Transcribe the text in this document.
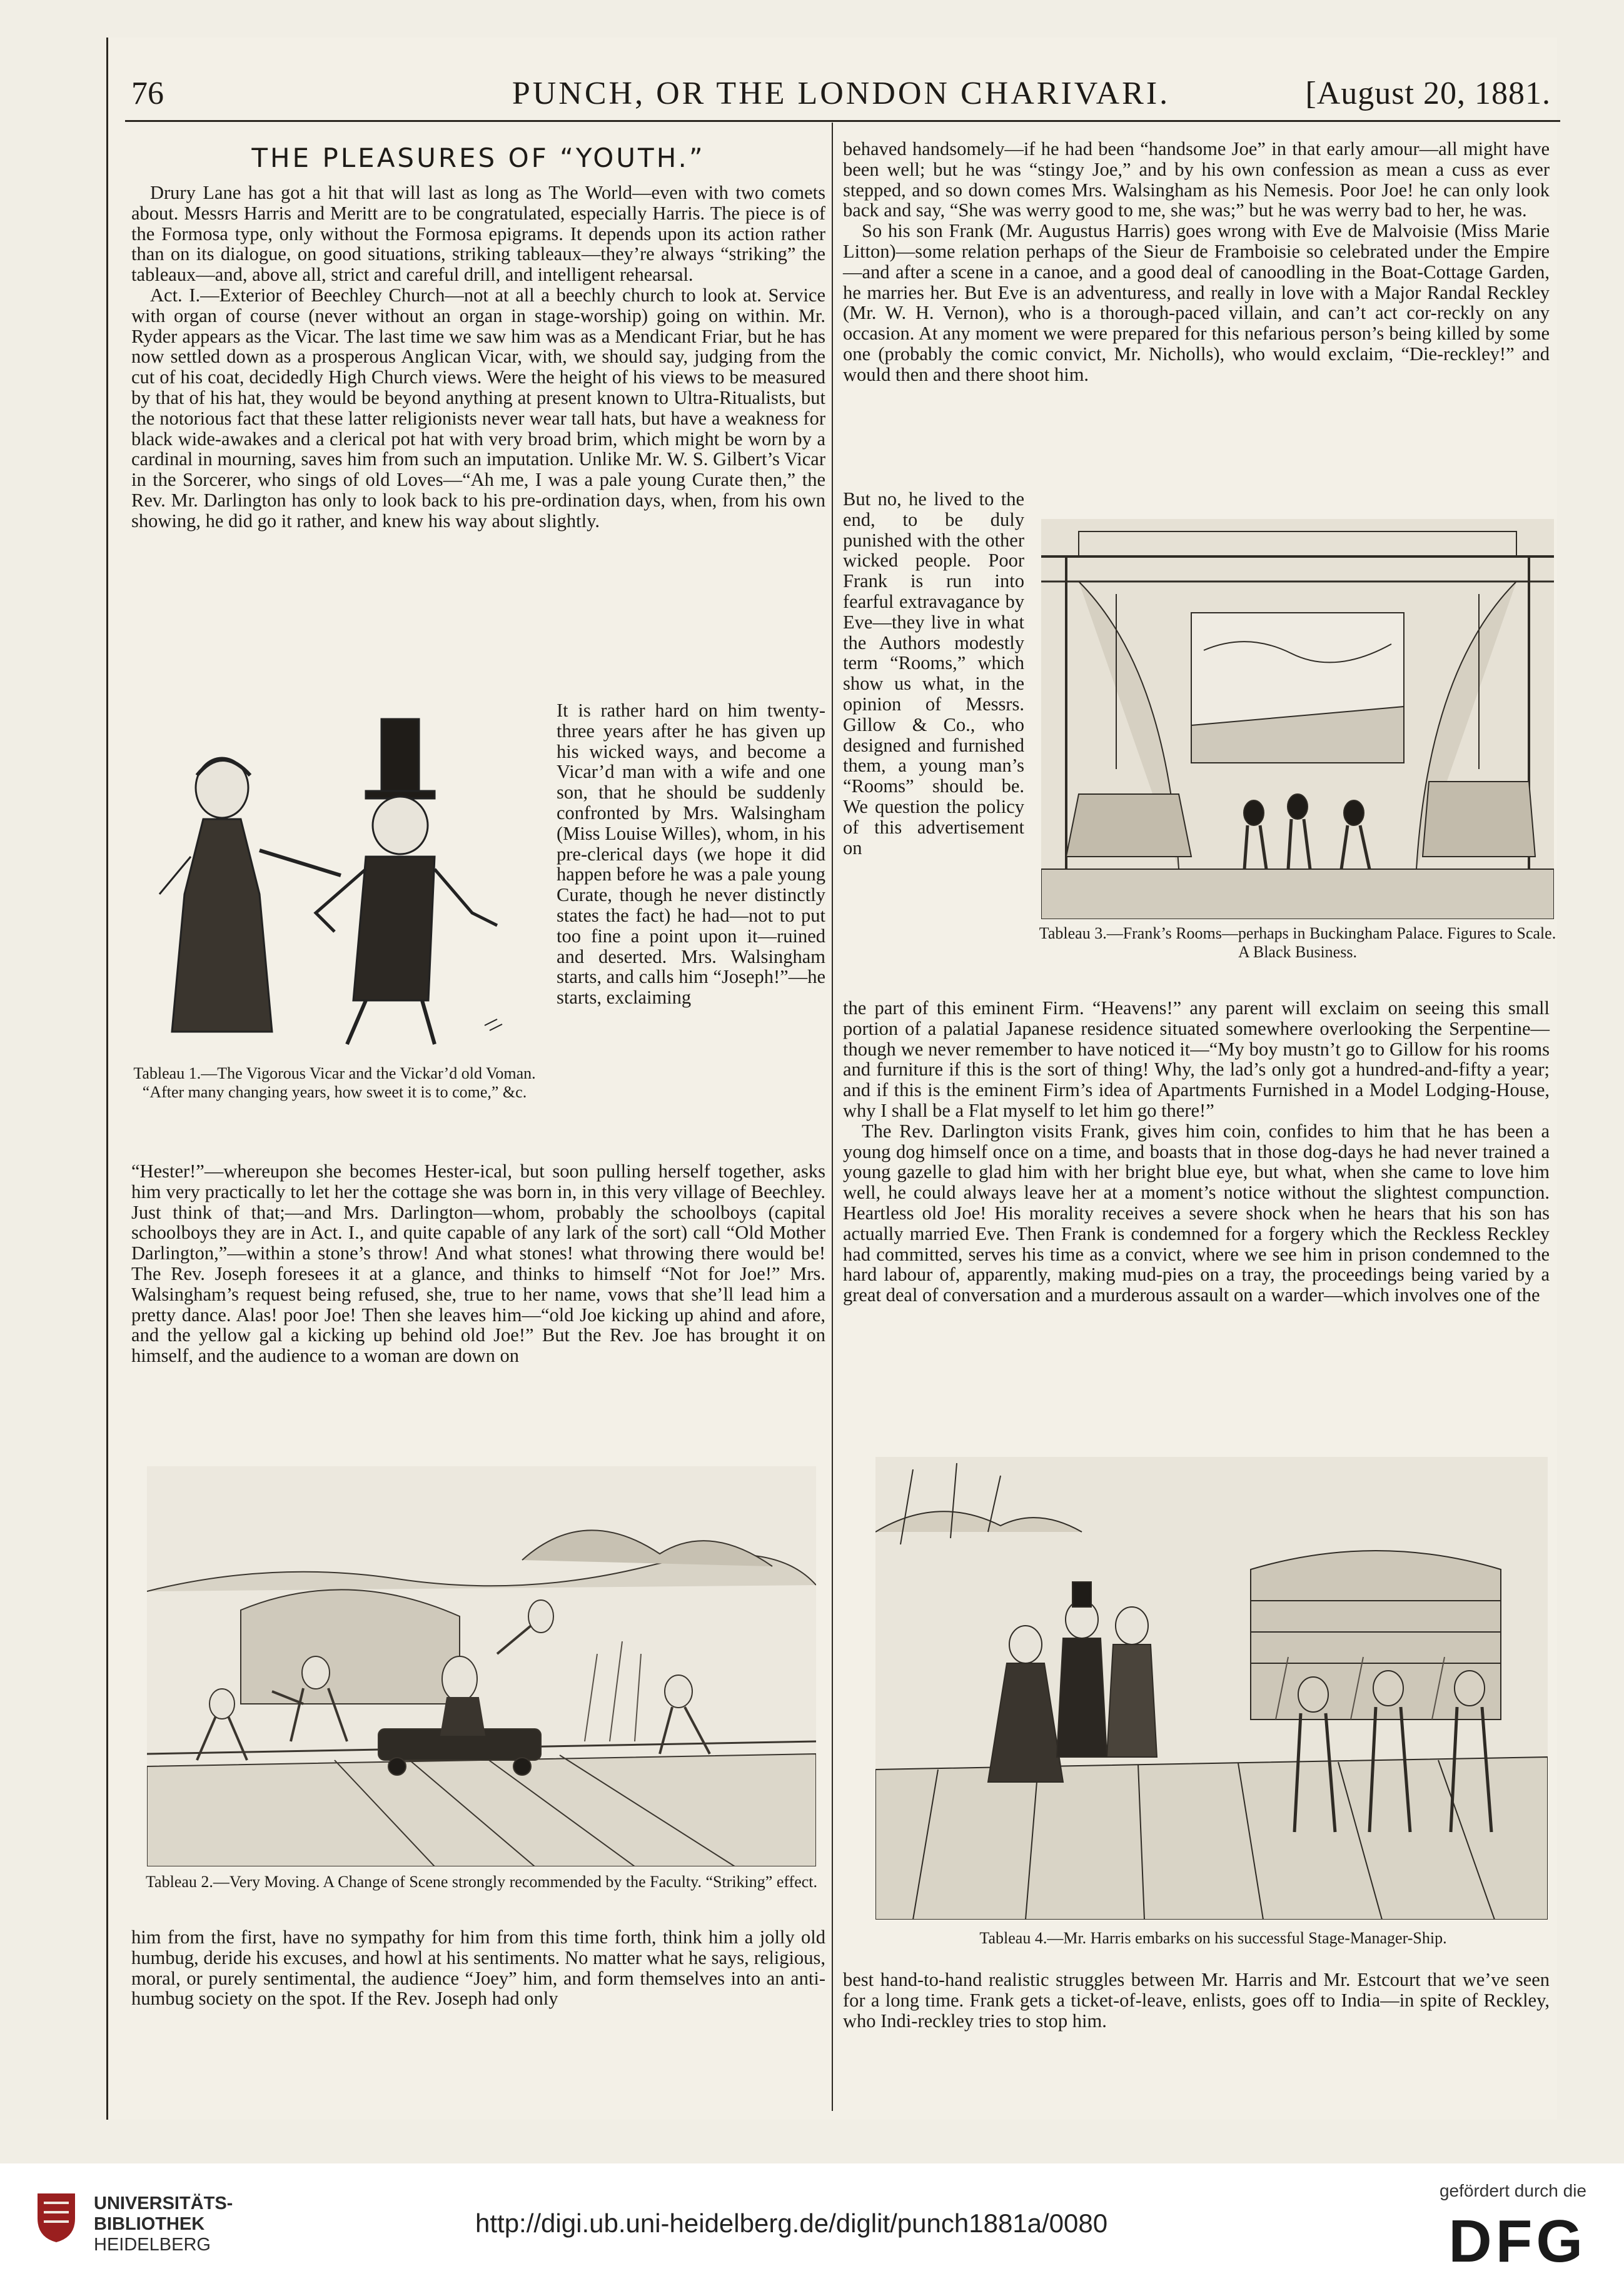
76	PUNCH, OR THE LONDON CHARIVARI.	[August 20, 1881.
THE PLEASURES OF “YOUTH.”

Drury Lane has got a hit that will last as long as The World—even with two comets about. Messrs Harris and Meritt are to be congratulated, especially Harris. The piece is of the Formosa type, only without the Formosa epigrams. It depends upon its action rather than on its dialogue, on good situations, striking tableaux—they’re always “striking” the tableaux—and, above all, strict and careful drill, and intelligent rehearsal.

Act. I.—Exterior of Beechley Church—not at all a beechly church to look at. Service with organ of course (never without an organ in stage-worship) going on within. Mr. Ryder appears as the Vicar. The last time we saw him was as a Mendicant Friar, but he has now settled down as a prosperous Anglican Vicar, with, we should say, judging from the cut of his coat, decidedly High Church views. Were the height of his views to be measured by that of his hat, they would be beyond anything at present known to Ultra-Ritualists, but the notorious fact that these latter religionists never wear tall hats, but have a weakness for black wide-awakes and a clerical pot hat with very broad brim, which might be worn by a cardinal in mourning, saves him from such an imputation. Unlike Mr. W. S. Gilbert’s Vicar in the Sorcerer, who sings of old Loves—“Ah me, I was a pale young Curate then,” the Rev. Mr. Darlington has only to look back to his pre-ordination days, when, from his own showing, he did go it rather, and knew his way about slightly.

Tableau 1.—The Vigorous Vicar and the Vickar’d old Voman. “After many changing years, how sweet it is to come,” &c.

It is rather hard on him twenty-three years after he has given up his wicked ways, and become a Vicar’d man with a wife and one son, that he should be suddenly confronted by Mrs. Walsingham (Miss Louise Willes), whom, in his pre-clerical days (we hope it did happen before he was a pale young Curate, though he never distinctly states the fact) he had—not to put too fine a point upon it—ruined and deserted. Mrs. Walsingham starts, and calls him “Joseph!”—he starts, exclaiming

“Hester!”—whereupon she becomes Hester-ical, but soon pulling herself together, asks him very practically to let her the cottage she was born in, in this very village of Beechley. Just think of that;—and Mrs. Darlington—whom, probably the schoolboys (capital schoolboys they are in Act. I., and quite capable of any lark of the sort) call “Old Mother Darlington,”—within a stone’s throw! And what stones! what throwing there would be! The Rev. Joseph foresees it at a glance, and thinks to himself “Not for Joe!” Mrs. Walsingham’s request being refused, she, true to her name, vows that she’ll lead him a pretty dance. Alas! poor Joe! Then she leaves him—“old Joe kicking up ahind and afore, and the yellow gal a kicking up behind old Joe!” But the Rev. Joe has brought it on himself, and the audience to a woman are down on

Tableau 2.—Very Moving. A Change of Scene strongly recommended by the Faculty. “Striking” effect.

him from the first, have no sympathy for him from this time forth, think him a jolly old humbug, deride his excuses, and howl at his sentiments. No matter what he says, religious, moral, or purely sentimental, the audience “Joey” him, and form themselves into an anti-humbug society on the spot. If the Rev. Joseph had only

behaved handsomely—if he had been “handsome Joe” in that early amour—all might have been well; but he was “stingy Joe,” and by his own confession as mean a cuss as ever stepped, and so down comes Mrs. Walsingham as his Nemesis. Poor Joe! he can only look back and say, “She was werry good to me, she was;” but he was werry bad to her, he was.

So his son Frank (Mr. Augustus Harris) goes wrong with Eve de Malvoisie (Miss Marie Litton)—some relation perhaps of the Sieur de Framboisie so celebrated under the Empire—and after a scene in a canoe, and a good deal of canoodling in the Boat-Cottage Garden, he marries her. But Eve is an adventuress, and really in love with a Major Randal Reckley (Mr. W. H. Vernon), who is a thorough-paced villain, and can’t act cor-reckly on any occasion. At any moment we were prepared for this nefarious person’s being killed by some one (probably the comic convict, Mr. Nicholls), who would exclaim, “Die-reckley!” and would then and there shoot him.

But no, he lived to the end, to be duly punished with the other wicked people. Poor Frank is run into fearful extravagance by Eve—they live in what the Authors modestly term “Rooms,” which show us what, in the opinion of Messrs. Gillow & Co., who designed and furnished them, a young man’s “Rooms” should be. We question the policy of this advertisement on

Tableau 3.—Frank’s Rooms—perhaps in Buckingham Palace. Figures to Scale. A Black Business.

the part of this eminent Firm. “Heavens!” any parent will exclaim on seeing this small portion of a palatial Japanese residence situated somewhere overlooking the Serpentine—though we never remember to have noticed it—“My boy mustn’t go to Gillow for his rooms and furniture if this is the sort of thing! Why, the lad’s only got a hundred-and-fifty a year; and if this is the eminent Firm’s idea of Apartments Furnished in a Model Lodging-House, why I shall be a Flat myself to let him go there!”

The Rev. Darlington visits Frank, gives him coin, confides to him that he has been a young dog himself once on a time, and boasts that in those dog-days he had never trained a young gazelle to glad him with her bright blue eye, but what, when she came to love him well, he could always leave her at a moment’s notice without the slightest compunction. Heartless old Joe! His morality receives a severe shock when he hears that his son has actually married Eve. Then Frank is condemned for a forgery which the Reckless Reckley had committed, serves his time as a convict, where we see him in prison condemned to the hard labour of, apparently, making mud-pies on a tray, the proceedings being varied by a great deal of conversation and a murderous assault on a warder—which involves one of the

Tableau 4.—Mr. Harris embarks on his successful Stage-Manager-Ship.

best hand-to-hand realistic struggles between Mr. Harris and Mr. Estcourt that we’ve seen for a long time. Frank gets a ticket-of-leave, enlists, goes off to India—in spite of Reckley, who Indi-reckley tries to stop him.

UNIVERSITÄTS-
BIBLIOTHEK
HEIDELBERG
http://digi.ub.uni-heidelberg.de/diglit/punch1881a/0080
gefördert durch die
DFG
